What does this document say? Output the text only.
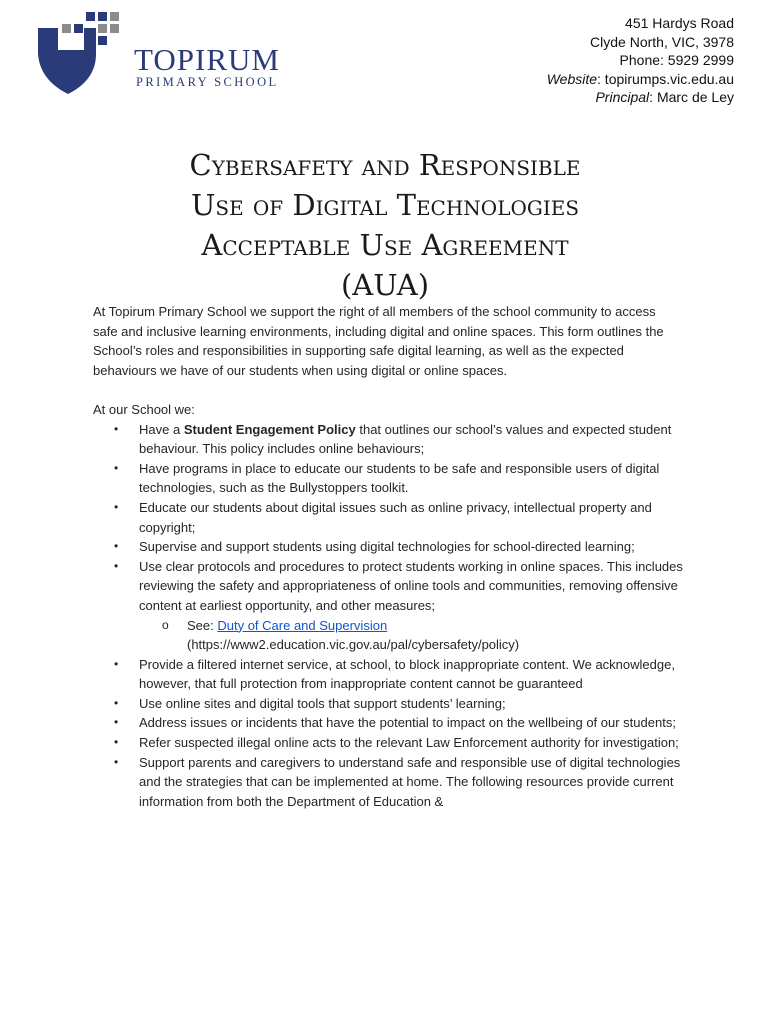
TOPIRUM
PRIMARY SCHOOL
451 Hardys Road
Clyde North, VIC, 3978
Phone: 5929 2999
Website: topirumps.vic.edu.au
Principal: Marc de Ley
Cybersafety and Responsible
Use of Digital Technologies
Acceptable Use Agreement
(AUA)

At Topirum Primary School we support the right of all members of the school community to access safe and inclusive learning environments, including digital and online spaces. This form outlines the School’s roles and responsibilities in supporting safe digital learning, as well as the expected behaviours we have of our students when using digital or online spaces.

At our School we:

• Have a Student Engagement Policy that outlines our school’s values and expected student behaviour. This policy includes online behaviours;
• Have programs in place to educate our students to be safe and responsible users of digital technologies, such as the Bullystoppers toolkit.
• Educate our students about digital issues such as online privacy, intellectual property and copyright;
• Supervise and support students using digital technologies for school-directed learning;
• Use clear protocols and procedures to protect students working in online spaces. This includes reviewing the safety and appropriateness of online tools and communities, removing offensive content at earliest opportunity, and other measures;
o See: Duty of Care and Supervision
(https://www2.education.vic.gov.au/pal/cybersafety/policy)
• Provide a filtered internet service, at school, to block inappropriate content. We acknowledge, however, that full protection from inappropriate content cannot be guaranteed
• Use online sites and digital tools that support students’ learning;
• Address issues or incidents that have the potential to impact on the wellbeing of our students;
• Refer suspected illegal online acts to the relevant Law Enforcement authority for investigation;
• Support parents and caregivers to understand safe and responsible use of digital technologies and the strategies that can be implemented at home. The following resources provide current information from both the Department of Education &
